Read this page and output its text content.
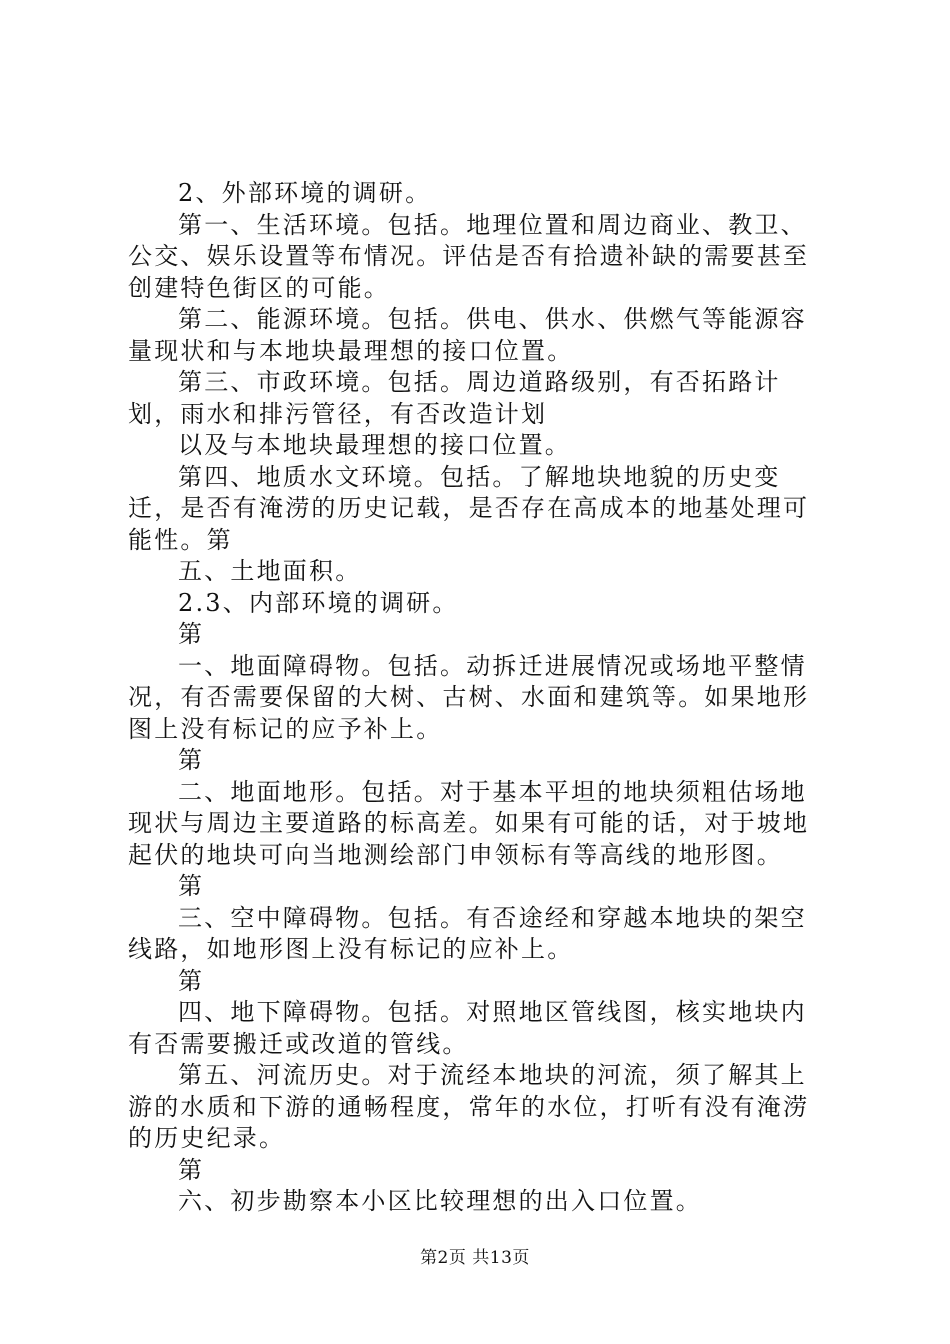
2、外部环境的调研。

第一、生活环境。包括。地理位置和周边商业、教卫、公交、娱乐设置等布情况。评估是否有拾遗补缺的需要甚至创建特色街区的可能。

第二、能源环境。包括。供电、供水、供燃气等能源容量现状和与本地块最理想的接口位置。

第三、市政环境。包括。周边道路级别，有否拓路计划，雨水和排污管径，有否改造计划

以及与本地块最理想的接口位置。

第四、地质水文环境。包括。了解地块地貌的历史变迁，是否有淹涝的历史记载，是否存在高成本的地基处理可能性。第

五、土地面积。

2.3、内部环境的调研。

第

一、地面障碍物。包括。动拆迁进展情况或场地平整情况，有否需要保留的大树、古树、水面和建筑等。如果地形图上没有标记的应予补上。

第

二、地面地形。包括。对于基本平坦的地块须粗估场地现状与周边主要道路的标高差。如果有可能的话，对于坡地起伏的地块可向当地测绘部门申领标有等高线的地形图。

第

三、空中障碍物。包括。有否途经和穿越本地块的架空线路，如地形图上没有标记的应补上。

第

四、地下障碍物。包括。对照地区管线图，核实地块内有否需要搬迁或改道的管线。

第五、河流历史。对于流经本地块的河流，须了解其上游的水质和下游的通畅程度，常年的水位，打听有没有淹涝的历史纪录。

第

六、初步勘察本小区比较理想的出入口位置。

第2页 共13页
